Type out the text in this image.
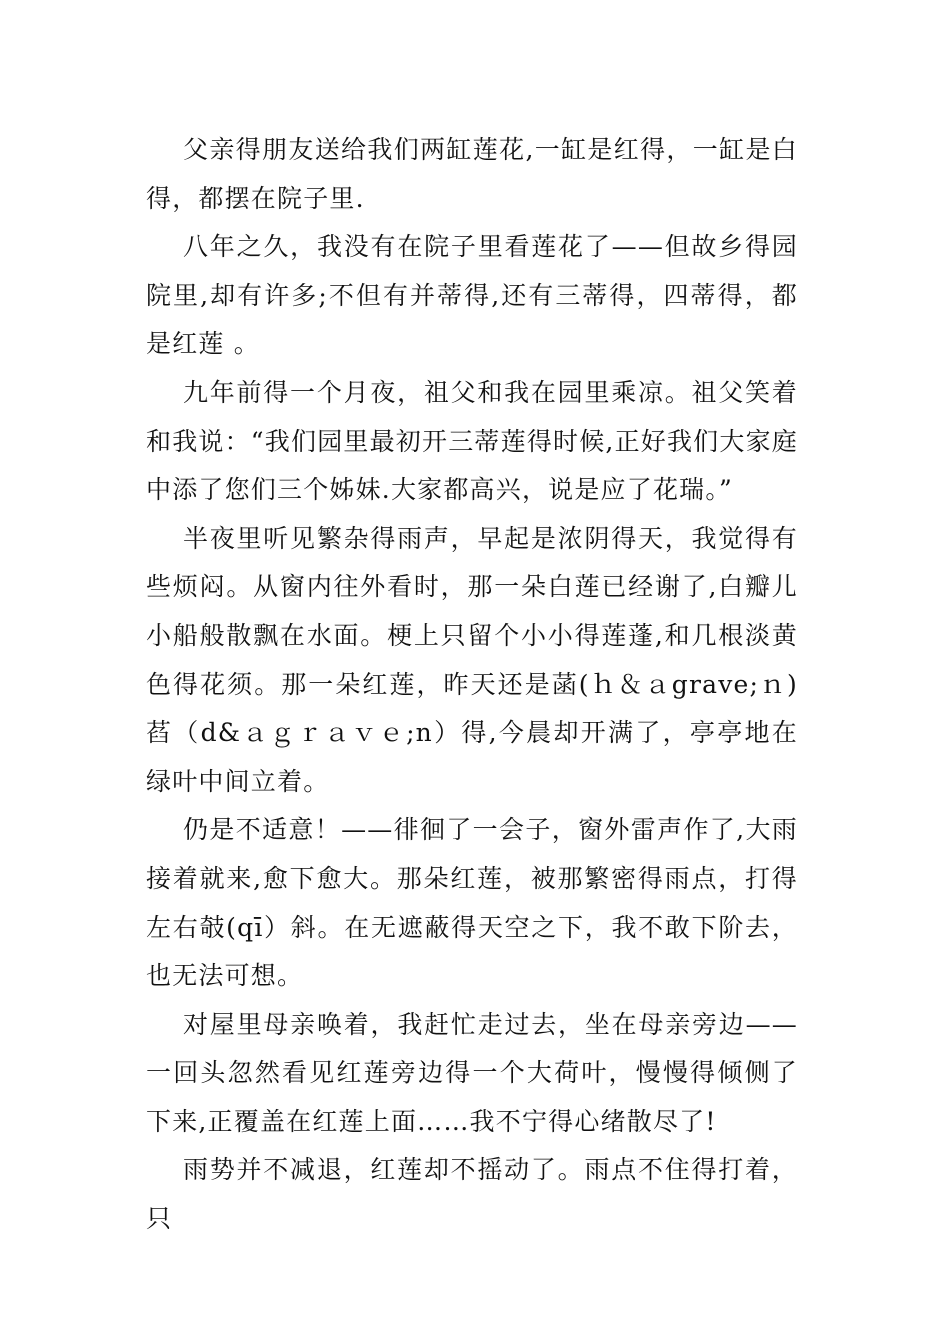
父亲得朋友送给我们两缸莲花,一缸是红得，一缸是白得，都摆在院子里.

八年之久，我没有在院子里看莲花了——但故乡得园院里,却有许多;不但有并蒂得,还有三蒂得，四蒂得，都是红莲 。

九年前得一个月夜，祖父和我在园里乘凉。祖父笑着和我说：“我们园里最初开三蒂莲得时候,正好我们大家庭中添了您们三个姊妹.大家都高兴，说是应了花瑞。”

半夜里听见繁杂得雨声，早起是浓阴得天，我觉得有些烦闷。从窗内往外看时，那一朵白莲已经谢了,白瓣儿小船般散飘在水面。梗上只留个小小得莲蓬,和几根淡黄色得花须。那一朵红莲，昨天还是菡(ｈ＆ａgrave;ｎ)萏（d&ａｇｒａｖｅ;n）得,今晨却开满了，亭亭地在绿叶中间立着。

仍是不适意！——徘徊了一会子，窗外雷声作了,大雨接着就来,愈下愈大。那朵红莲，被那繁密得雨点，打得左右攲(qī）斜。在无遮蔽得天空之下，我不敢下阶去，也无法可想。

对屋里母亲唤着，我赶忙走过去，坐在母亲旁边——一回头忽然看见红莲旁边得一个大荷叶，慢慢得倾侧了下来,正覆盖在红莲上面……我不宁得心绪散尽了!

雨势并不减退，红莲却不摇动了。雨点不住得打着，只
